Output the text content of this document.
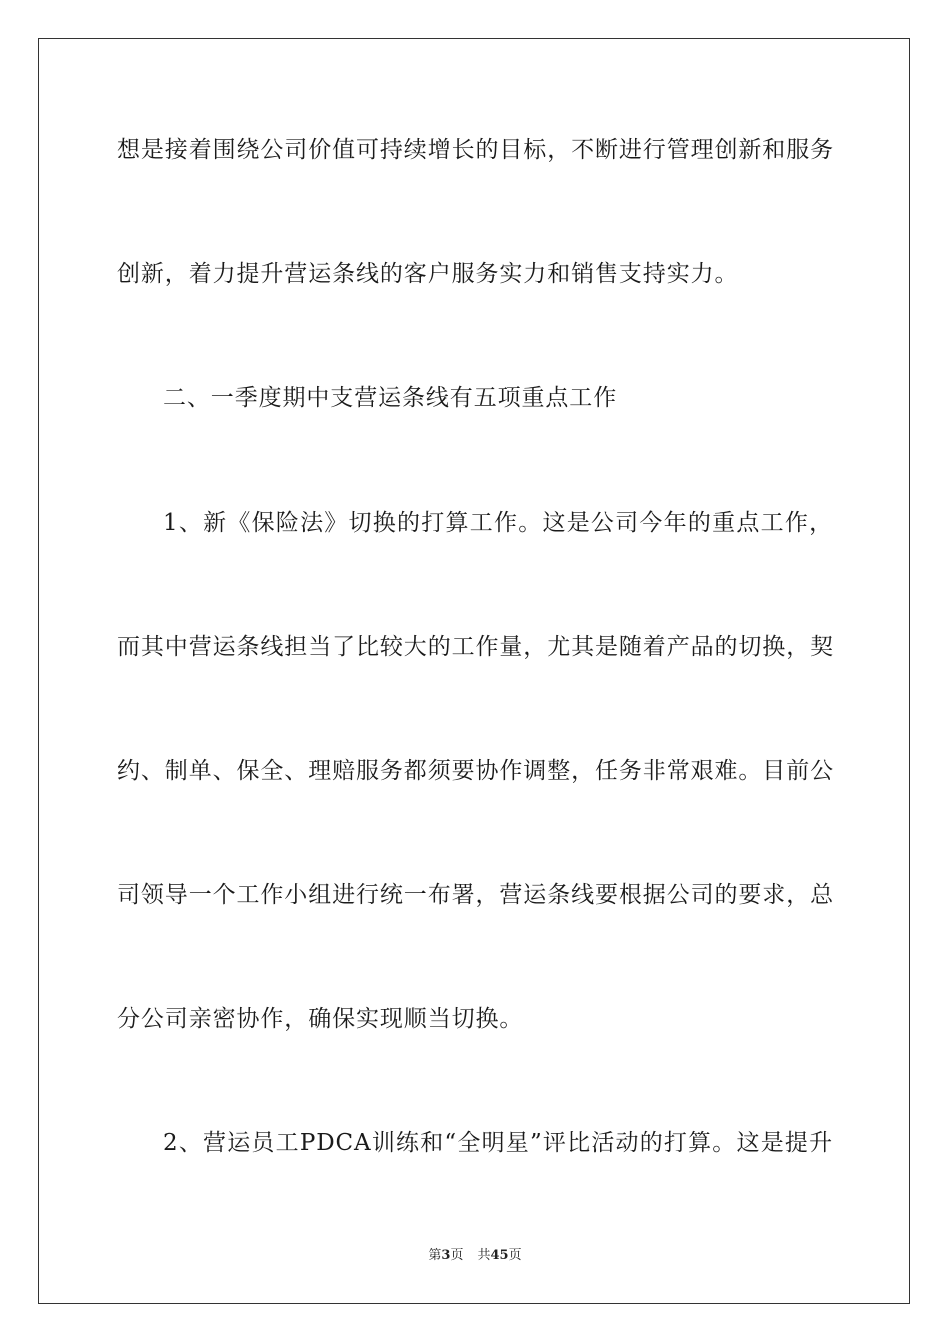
想是接着围绕公司价值可持续增长的目标，不断进行管理创新和服务
创新，着力提升营运条线的客户服务实力和销售支持实力。
二、一季度期中支营运条线有五项重点工作
1、新《保险法》切换的打算工作。这是公司今年的重点工作，
而其中营运条线担当了比较大的工作量，尤其是随着产品的切换，契
约、制单、保全、理赔服务都须要协作调整，任务非常艰难。目前公
司领导一个工作小组进行统一布署，营运条线要根据公司的要求，总
分公司亲密协作，确保实现顺当切换。
2、营运员工PDCA训练和“全明星”评比活动的打算。这是提升
第3页 共45页
